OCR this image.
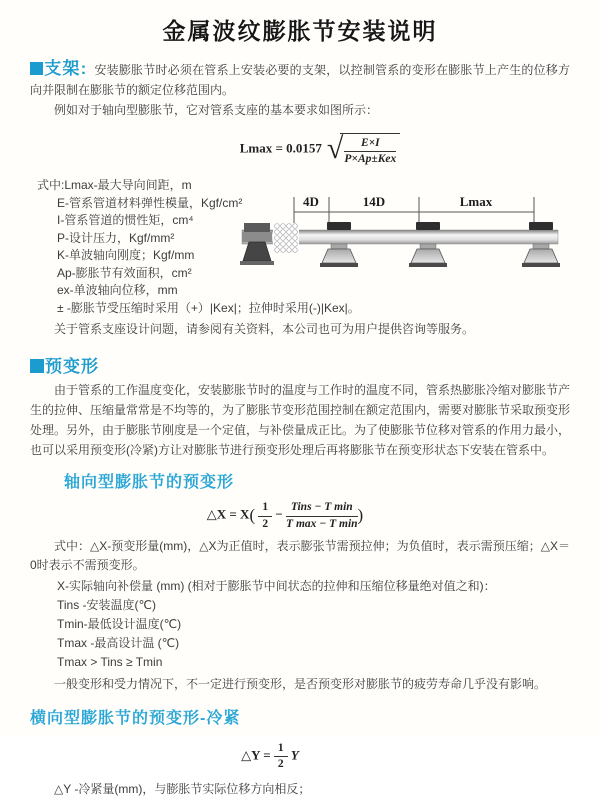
金属波纹膨胀节安装说明

支架: 安装膨胀节时必须在管系上安装必要的支架，以控制管系的变形在膨胀节上产生的位移方向并限制在膨胀节的额定位移范围内。

例如对于轴向型膨胀节，它对管系支座的基本要求如图所示：

Lmax = 0.0157 √ $\frac{E\times I}{\text{P×Ap±Kex}}$
式中:Lmax-最大导向间距，m
E-管系管道材料弹性模量，Kgf/cm²
I-管系管道的惯性矩，cm⁴
P-设计压力，Kgf/mm²
K-单波轴向刚度；Kgf/mm
Ap-膨胀节有效面积，cm²
ex-单波轴向位移，mm
± -膨胀节受压缩时采用（+）|Kex|；拉伸时采用(-)|Kex|。

关于管系支座设计问题，请参阅有关资料，本公司也可为用户提供咨询等服务。

预变形

由于管系的工作温度变化，安装膨胀节时的温度与工作时的温度不同，管系热膨胀冷缩对膨胀节产生的拉伸、压缩量常常是不均等的，为了膨胀节变形范围控制在额定范围内，需要对膨胀节采取预变形处理。另外，由于膨胀节刚度是一个定值，与补偿量成正比。为了使膨胀节位移对管系的作用力最小，也可以采用预变形(冷紧)方让对膨胀节进行预变形处理后再将膨胀节在预变形状态下安装在管系中。

轴向型膨胀节的预变形
△X = $X( \frac{1}{2} - \frac{\text{Tins − T min}}{\text{T max − T min}}$ )

式中：△X-预变形量(mm)，△X为正值时，表示膨张节需预拉伸；为负值时，表示需预压缩；△X＝0时表示不需预变形。

X-实际轴向补偿量 (mm) (相对于膨胀节中间状态的拉伸和压缩位移量绝对值之和)：
Tins -安装温度(℃)
Tmin-最低设计温度(℃)
Tmax -最高设计温 (℃)
Tmax > Tins ≥ Tmin

一般变形和受力情况下，不一定进行预变形，是否预变形对膨胀节的疲劳寿命几乎没有影响。

横向型膨胀节的预变形-冷紧
△Y = $\frac{1}{2}$ Y

△Y -冷紧量(mm)，与膨胀节实际位移方向相反；

4D	14D	Lmax
